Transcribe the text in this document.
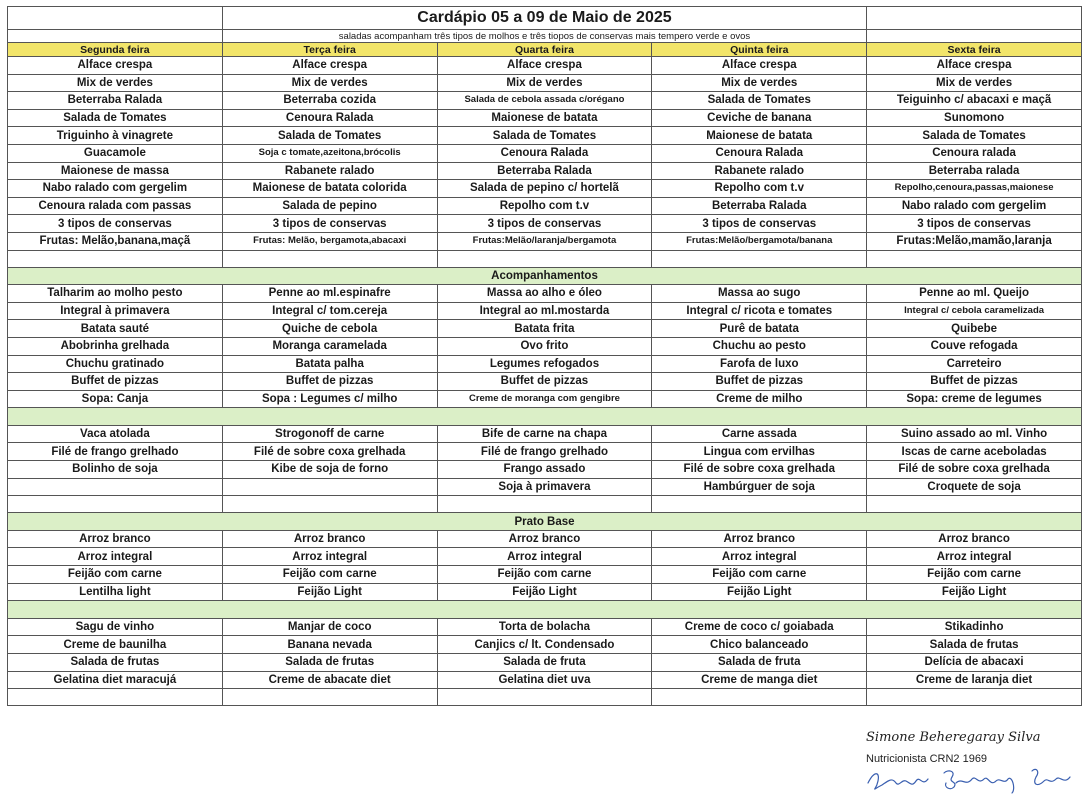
	Cardápio 05 a 09 de Maio de 2025			
	saladas acompanham três tipos de molhos e três tiopos de conservas mais tempero verde e ovos			
Segunda feira	Terça feira	Quarta feira	Quinta feira	Sexta feira
Alface crespa	Alface crespa	Alface crespa	Alface crespa	Alface crespa
Mix de verdes	Mix de verdes	Mix de verdes	Mix de verdes	Mix de verdes
Beterraba Ralada	Beterraba cozida	Salada de cebola assada c/orégano	Salada de Tomates	Teiguinho c/ abacaxi e maçã
Salada de Tomates	Cenoura Ralada	Maionese de batata	Ceviche de banana	Sunomono
Triguinho à vinagrete	Salada de Tomates	Salada de Tomates	Maionese de batata	Salada de Tomates
Guacamole	Soja c tomate,azeitona,brócolis	Cenoura Ralada	Cenoura Ralada	Cenoura ralada
Maionese de massa	Rabanete ralado	Beterraba Ralada	Rabanete ralado	Beterraba ralada
Nabo ralado com gergelim	Maionese de batata colorida	Salada de pepino c/ hortelã	Repolho com t.v	Repolho,cenoura,passas,maionese
Cenoura ralada com passas	Salada de pepino	Repolho com t.v	Beterraba Ralada	Nabo ralado com gergelim
3 tipos de conservas	3 tipos de conservas	3 tipos de conservas	3 tipos de conservas	3 tipos de conservas
Frutas: Melão,banana,maçã	Frutas: Melão, bergamota,abacaxi	Frutas:Melão/laranja/bergamota	Frutas:Melão/bergamota/banana	Frutas:Melão,mamão,laranja

Acompanhamentos				
Talharim ao molho pesto	Penne ao ml.espinafre	Massa ao alho e óleo	Massa ao sugo	Penne ao ml. Queijo
Integral à primavera	Integral c/ tom.cereja	Integral ao ml.mostarda	Integral c/ ricota e tomates	Integral c/ cebola caramelizada
Batata sauté	Quiche de cebola	Batata frita	Purê de batata	Quibebe
Abobrinha grelhada	Moranga caramelada	Ovo frito	Chuchu ao pesto	Couve refogada
Chuchu gratinado	Batata palha	Legumes refogados	Farofa de luxo	Carreteiro
Buffet de pizzas	Buffet de pizzas	Buffet de pizzas	Buffet de pizzas	Buffet de pizzas
Sopa: Canja	Sopa : Legumes c/ milho	Creme de moranga com gengibre	Creme de milho	Sopa: creme de legumes

Vaca atolada	Strogonoff de carne	Bife de carne na chapa	Carne assada	Suino assado ao ml. Vinho
Filé de frango grelhado	Filé de sobre coxa grelhada	Filé de frango grelhado	Lingua com ervilhas	Iscas de carne aceboladas
Bolinho de soja	Kibe de soja de forno	Frango assado	Filé de sobre coxa grelhada	Filé de sobre coxa grelhada
		Soja à primavera	Hambúrguer de soja	Croquete de soja

Prato Base				
Arroz branco	Arroz branco	Arroz branco	Arroz branco	Arroz branco
Arroz integral	Arroz integral	Arroz integral	Arroz integral	Arroz integral
Feijão com carne	Feijão com carne	Feijão com carne	Feijão com carne	Feijão com carne
Lentilha light	Feijão Light	Feijão Light	Feijão Light	Feijão Light

Sagu de vinho	Manjar de coco	Torta de bolacha	Creme de coco c/ goiabada	Stikadinho
Creme de baunilha	Banana nevada	Canjics c/ lt. Condensado	Chico balanceado	Salada de frutas
Salada de frutas	Salada de frutas	Salada de fruta	Salada de fruta	Delícia de abacaxi
Gelatina diet maracujá	Creme de abacate diet	Gelatina diet uva	Creme de manga diet	Creme de laranja diet

Simone Beheregaray Silva
Nutricionista CRN2 1969
